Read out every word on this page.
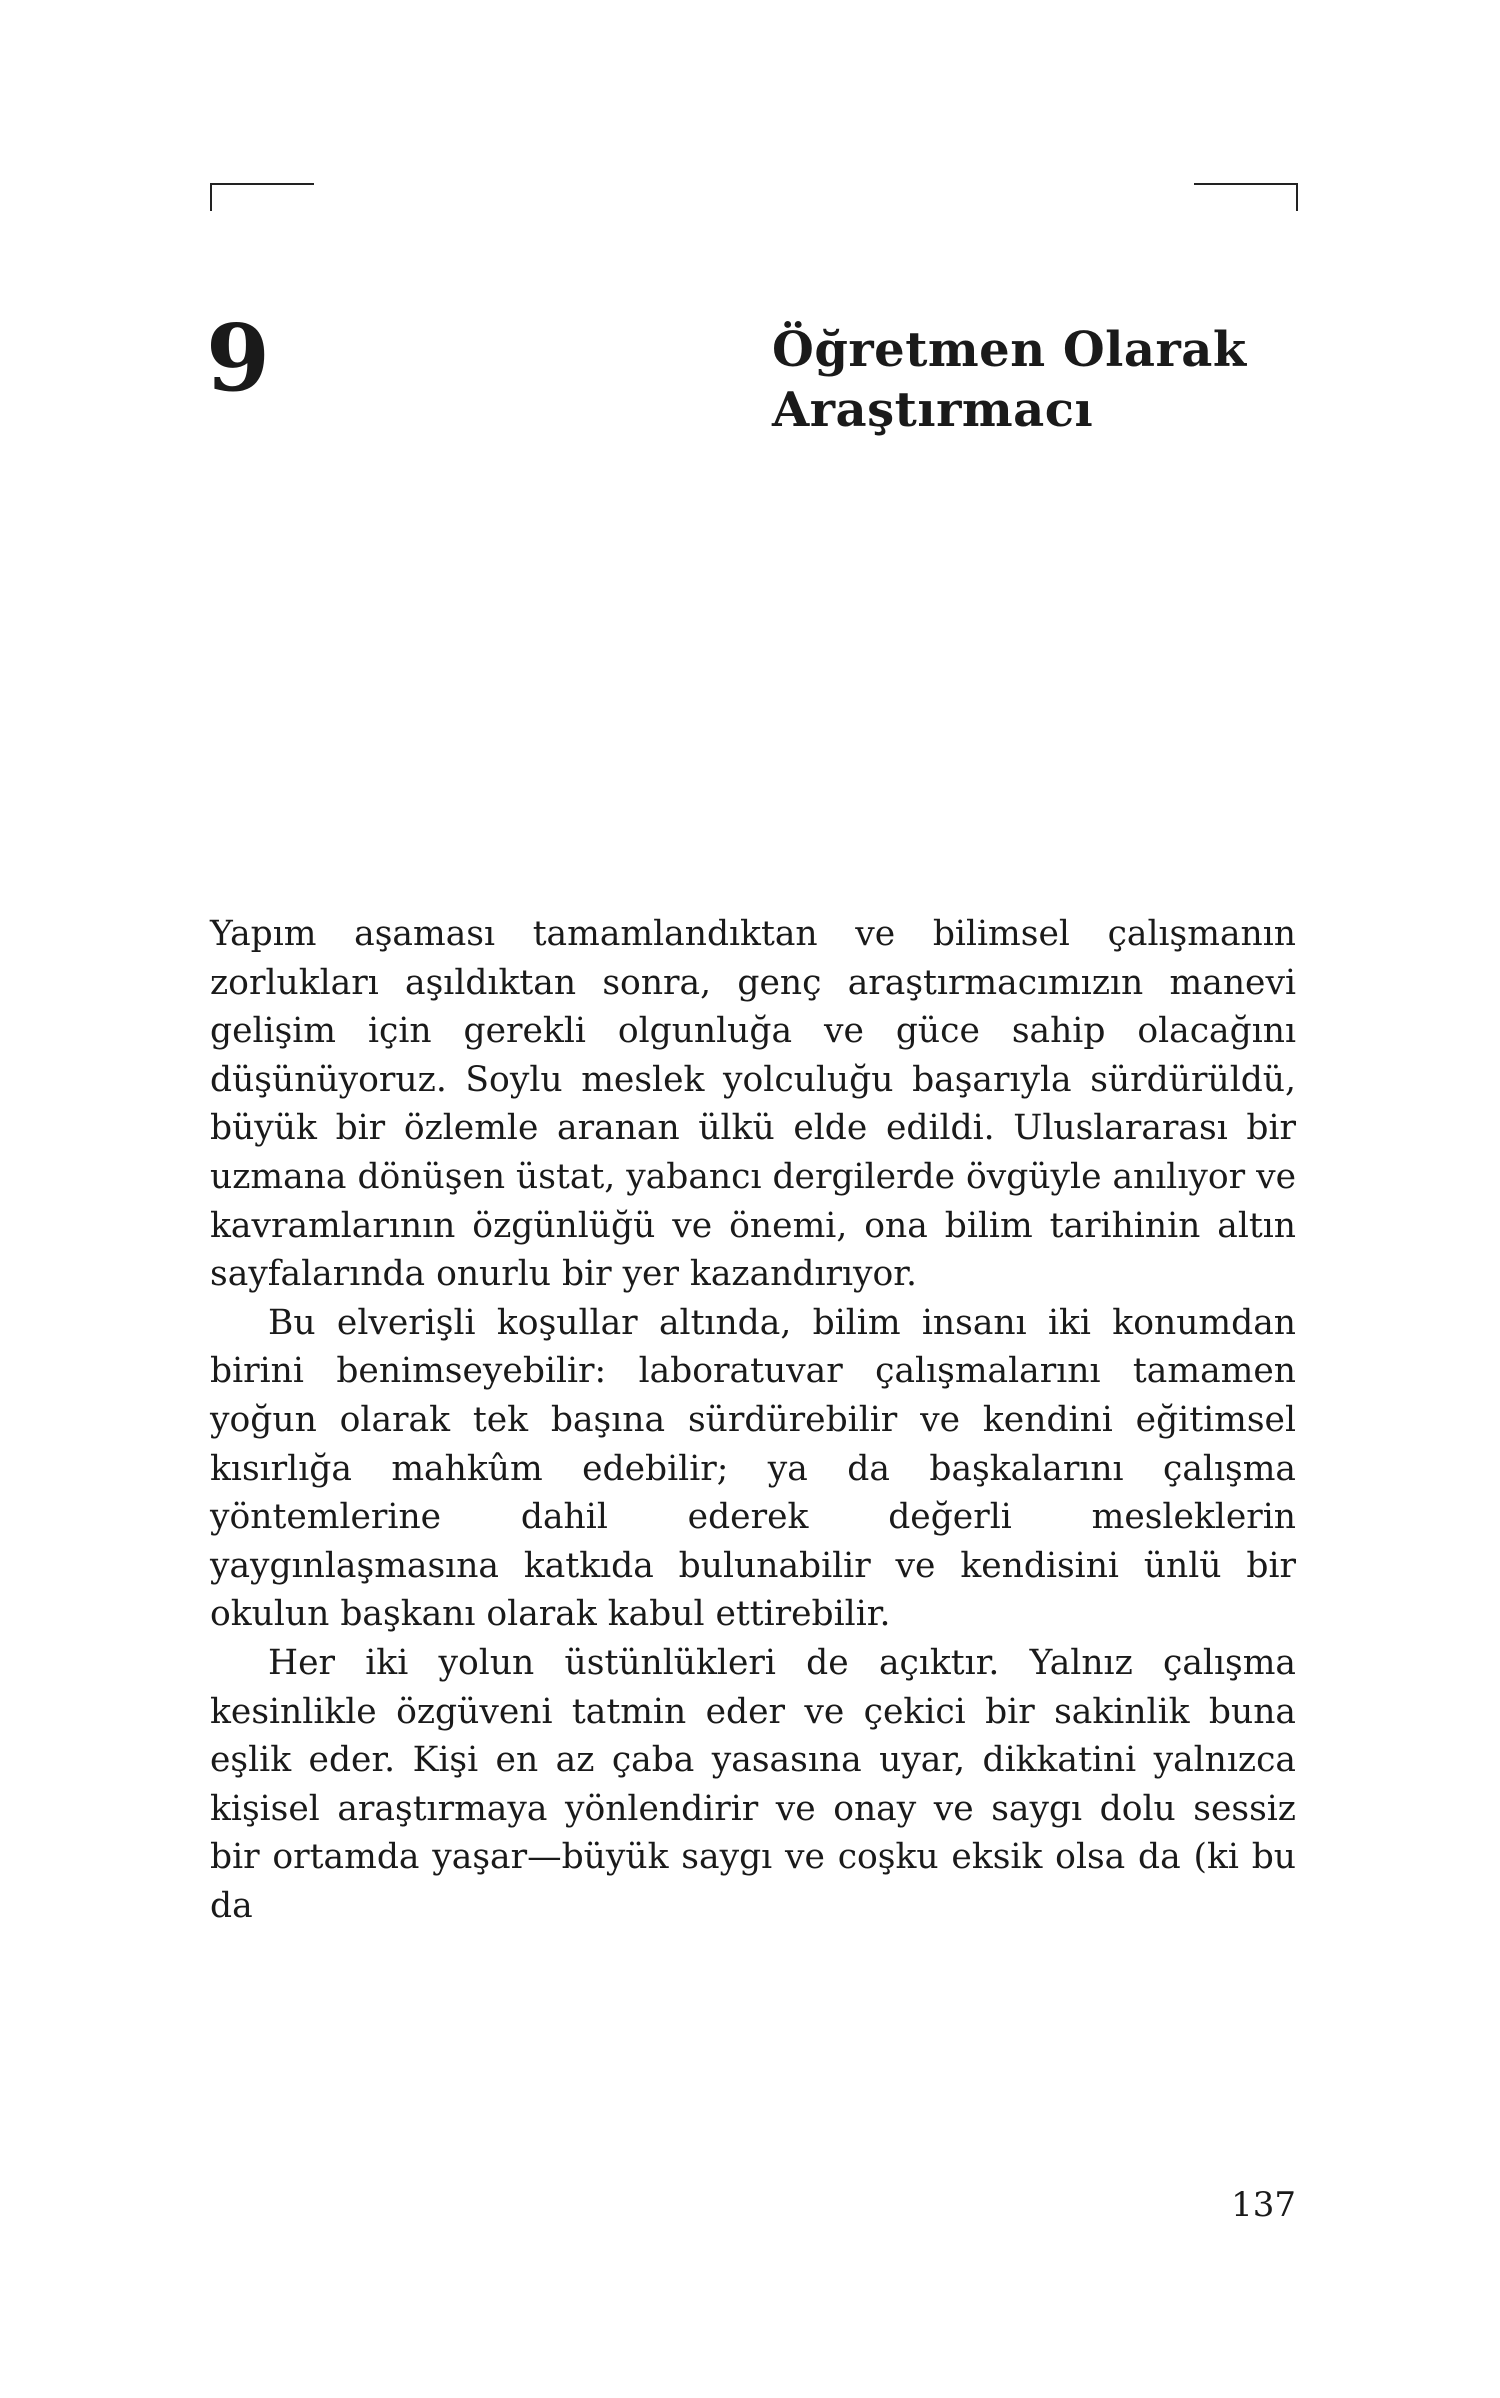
9	Öğretmen Olarak
Araştırmacı

Yapım aşaması tamamlandıktan ve bilimsel çalışmanın zorlukları aşıldıktan sonra, genç araştırmacımızın manevi gelişim için gerekli olgunluğa ve güce sahip olacağını düşünüyoruz. Soylu meslek yolculuğu başarıyla sürdürüldü, büyük bir özlemle aranan ülkü elde edildi. Uluslararası bir uzmana dönüşen üstat, yabancı dergilerde övgüyle anılıyor ve kavramlarının özgünlüğü ve önemi, ona bilim tarihinin altın sayfalarında onurlu bir yer kazandırıyor.

Bu elverişli koşullar altında, bilim insanı iki konumdan birini benimseyebilir: laboratuvar çalışmalarını tamamen yoğun olarak tek başına sürdürebilir ve kendini eğitimsel kısırlığa mahkûm edebilir; ya da başkalarını çalışma yöntemlerine dahil ederek değerli mesleklerin yaygınlaşmasına katkıda bulunabilir ve kendisini ünlü bir okulun başkanı olarak kabul ettirebilir.

Her iki yolun üstünlükleri de açıktır. Yalnız çalışma kesinlikle özgüveni tatmin eder ve çekici bir sakinlik buna eşlik eder. Kişi en az çaba yasasına uyar, dikkatini yalnızca kişisel araştırmaya yönlendirir ve onay ve saygı dolu sessiz bir ortamda yaşar—büyük saygı ve coşku eksik olsa da (ki bu da

137
